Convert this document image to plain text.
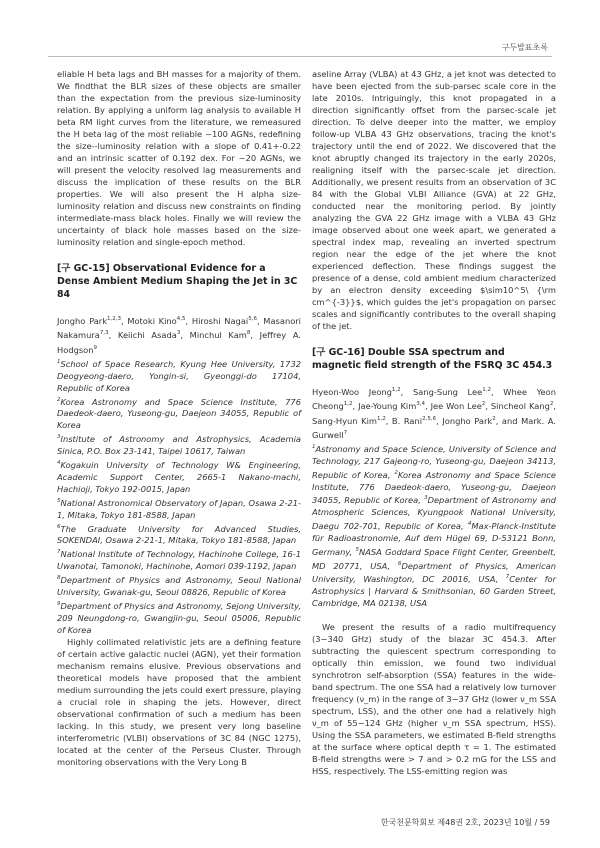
구두발표초록

eliable H beta lags and BH masses for a majority of them. We findthat the BLR sizes of these objects are smaller than the expectation from the previous size-luminosity relation. By applying a uniform lag analysis to available H beta RM light curves from the literature, we remeasured the H beta lag of the most reliable ~100 AGNs, redefining the size--luminosity relation with a slope of 0.41+-0.22 and an intrinsic scatter of 0.192 dex. For ~20 AGNs, we will present the velocity resolved lag measurements and discuss the implication of these results on the BLR properties. We will also present the H alpha size-luminosity relation and discuss new constraints on finding intermediate-mass black holes. Finally we will review the uncertainty of black hole masses based on the size-luminosity relation and single-epoch method.

[구 GC-15] Observational Evidence for a Dense Ambient Medium Shaping the Jet in 3C 84

Jongho Park$^{1,2,3}$, Motoki Kino$^{4,5}$, Hiroshi Nagai$^{5,6}$, Masanori Nakamura$^{7,3}$, Keiichi Asada$^3$, Minchul Kam$^8$, Jeffrey A. Hodgson$^9$

$^1$School of Space Research, Kyung Hee University, 1732 Deogyeong-daero, Yongin-si, Gyeonggi-do 17104, Republic of Korea

$^2$Korea Astronomy and Space Science Institute, 776 Daedeok-daero, Yuseong-gu, Daejeon 34055, Republic of Korea

$^3$Institute of Astronomy and Astrophysics, Academia Sinica, P.O. Box 23-141, Taipei 10617, Taiwan

$^4$Kogakuin University of Technology W& Engineering, Academic Support Center, 2665-1 Nakano-machi, Hachioji, Tokyo 192-0015, Japan

$^5$National Astronomical Observatory of Japan, Osawa 2-21-1, Mitaka, Tokyo 181-8588, Japan

$^6$The Graduate University for Advanced Studies, SOKENDAI, Osawa 2-21-1, Mitaka, Tokyo 181-8588, Japan

$^7$National Institute of Technology, Hachinohe College, 16-1 Uwanotai, Tamonoki, Hachinohe, Aomori 039-1192, Japan

$^8$Department of Physics and Astronomy, Seoul National University, Gwanak-gu, Seoul 08826, Republic of Korea

$^9$Department of Physics and Astronomy, Sejong University, 209 Neungdong-ro, Gwangjin-gu, Seoul 05006, Republic of Korea

Highly collimated relativistic jets are a defining feature of certain active galactic nuclei (AGN), yet their formation mechanism remains elusive. Previous observations and theoretical models have proposed that the ambient medium surrounding the jets could exert pressure, playing a crucial role in shaping the jets. However, direct observational confirmation of such a medium has been lacking. In this study, we present very long baseline interferometric (VLBI) observations of 3C 84 (NGC 1275), located at the center of the Perseus Cluster. Through monitoring observations with the Very Long B

aseline Array (VLBA) at 43 GHz, a jet knot was detected to have been ejected from the sub-parsec scale core in the late 2010s. Intriguingly, this knot propagated in a direction significantly offset from the parsec-scale jet direction. To delve deeper into the matter, we employ follow-up VLBA 43 GHz observations, tracing the knot's trajectory until the end of 2022. We discovered that the knot abruptly changed its trajectory in the early 2020s, realigning itself with the parsec-scale jet direction. Additionally, we present results from an observation of 3C 84 with the Global VLBI Alliance (GVA) at 22 GHz, conducted near the monitoring period. By jointly analyzing the GVA 22 GHz image with a VLBA 43 GHz image observed about one week apart, we generated a spectral index map, revealing an inverted spectrum region near the edge of the jet where the knot experienced deflection. These findings suggest the presence of a dense, cold ambient medium characterized by an electron density exceeding $\sim10^5\ {\rm cm^{-3}}$, which guides the jet's propagation on parsec scales and significantly contributes to the overall shaping of the jet.

[구 GC-16] Double SSA spectrum and magnetic field strength of the FSRQ 3C 454.3

Hyeon-Woo Jeong$^{1,2}$, Sang-Sung Lee$^{1,2}$, Whee Yeon Cheong$^{1,2}$, Jae-Young Kim$^{3,4}$, Jee Won Lee$^2$, Sincheol Kang$^2$, Sang-Hyun Kim$^{1,2}$, B. Rani$^{2,5,6}$, Jongho Park$^2$, and Mark. A. Gurwell$^7$

$^1$Astronomy and Space Science, University of Science and Technology, 217 Gajeong-ro, Yuseong-gu, Daejeon 34113, Republic of Korea, $^2$Korea Astronomy and Space Science Institute, 776 Daedeok-daero, Yuseong-gu, Daejeon 34055, Republic of Korea, $^3$Department of Astronomy and Atmospheric Sciences, Kyungpook National University, Daegu 702-701, Republic of Korea, $^4$Max-Planck-Institute für Radioastronomie, Auf dem Hügel 69, D-53121 Bonn, Germany, $^5$NASA Goddard Space Flight Center, Greenbelt, MD 20771, USA, $^6$Department of Physics, American University, Washington, DC 20016, USA, $^7$Center for Astrophysics | Harvard & Smithsonian, 60 Garden Street, Cambridge, MA 02138, USA

We present the results of a radio multifrequency (3−340 GHz) study of the blazar 3C 454.3. After subtracting the quiescent spectrum corresponding to optically thin emission, we found two individual synchrotron self-absorption (SSA) features in the wide-band spectrum. The one SSA had a relatively low turnover frequency (ν_m) in the range of 3−37 GHz (lower ν_m SSA spectrum, LSS), and the other one had a relatively high ν_m of 55−124 GHz (higher ν_m SSA spectrum, HSS). Using the SSA parameters, we estimated B-field strengths at the surface where optical depth τ = 1. The estimated B-field strengths were > 7 and > 0.2 mG for the LSS and HSS, respectively. The LSS-emitting region was

한국천문학회보 제48권 2호, 2023년 10월 / 59
